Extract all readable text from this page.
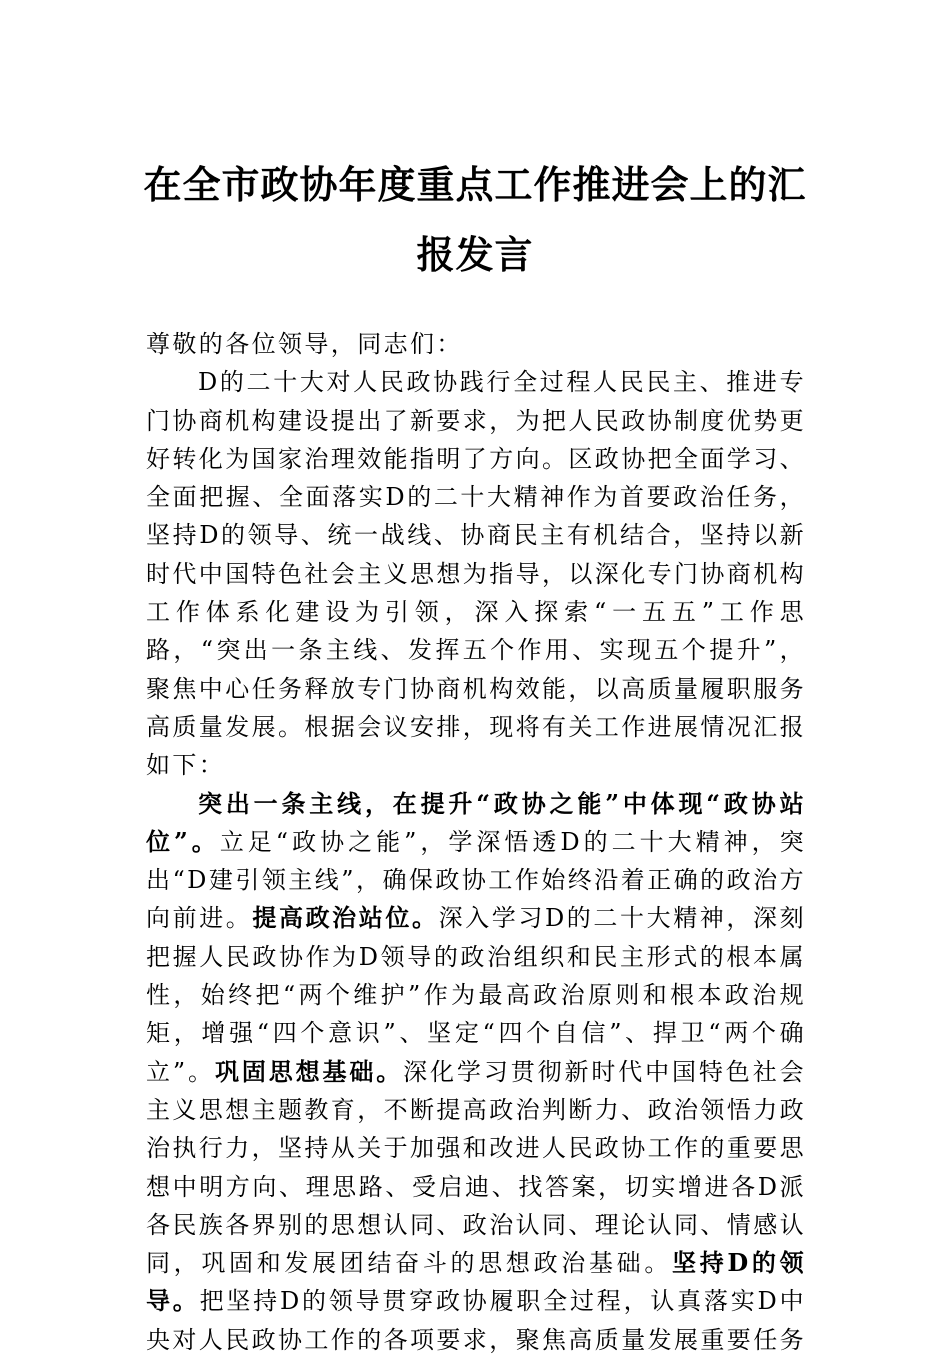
在全市政协年度重点工作推进会上的汇报发言

尊敬的各位领导，同志们：

D的二十大对人民政协践行全过程人民民主、推进专门协商机构建设提出了新要求，为把人民政协制度优势更好转化为国家治理效能指明了方向。区政协把全面学习、全面把握、全面落实D的二十大精神作为首要政治任务，坚持D的领导、统一战线、协商民主有机结合，坚持以新时代中国特色社会主义思想为指导，以深化专门协商机构工作体系化建设为引领，深入探索“一五五”工作思路，“突出一条主线、发挥五个作用、实现五个提升”，聚焦中心任务释放专门协商机构效能，以高质量履职服务高质量发展。根据会议安排，现将有关工作进展情况汇报如下：

突出一条主线，在提升“政协之能”中体现“政协站位”。立足“政协之能”，学深悟透D的二十大精神，突出“D建引领主线”，确保政协工作始终沿着正确的政治方向前进。提高政治站位。深入学习D的二十大精神，深刻把握人民政协作为D领导的政治组织和民主形式的根本属性，始终把“两个维护”作为最高政治原则和根本政治规矩，增强“四个意识”、坚定“四个自信”、捍卫“两个确立”。巩固思想基础。深化学习贯彻新时代中国特色社会主义思想主题教育，不断提高政治判断力、政治领悟力政治执行力，坚持从关于加强和改进人民政协工作的重要思想中明方向、理思路、受启迪、找答案，切实增进各D派各民族各界别的思想认同、政治认同、理论认同、情感认同，巩固和发展团结奋斗的思想政治基础。坚持D的领导。把坚持D的领导贯穿政协履职全过程，认真落实D中央对人民政协工作的各项要求，聚焦高质量发展重要任务
